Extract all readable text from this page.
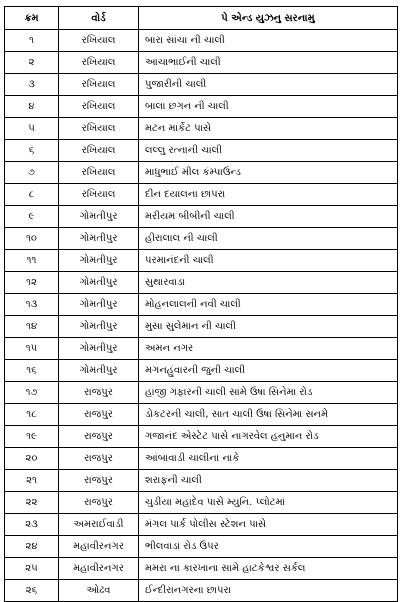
ક્રમ	વોર્ડ	પે એન્ડ યુઝનુ સરનામુ
૧	રખિયાલ	બારા સાંચા ની ચાલી
૨	રખિયાલ	આચાભાઈની ચાલી
૩	રખિયાલ	પુજારીની ચાલી
૪	રખિયાલ	બાલા છગન ની ચાલી
૫	રખિયાલ	મટન માર્કેટ પાસે
૬	રખિયાલ	લલ્લુ રત્નાની ચાલી
૭	રખિયાલ	માધુભાઈ મીલ કંમ્પાઉન્ડ
૮	રખિયાલ	દીન દયાલના છાપરા
૯	ગોમતીપુર	મરીયમ બીબીની ચાલી
૧૦	ગોમતીપુર	હીરાલાલ ની ચાલી
૧૧	ગોમતીપુર	પરમાનંદની ચાલી
૧૨	ગોમતીપુર	સુથારવાડા
૧૩	ગોમતીપુર	મોહનલાલની નવી ચાલી
૧૪	ગોમતીપુર	મુસા સુલેમાન ની ચાલી
૧૫	ગોમતીપુર	અમન નગર
૧૬	ગોમતીપુર	મગનહુંવારની જુની ચાલી
૧૭	રાજપુર	હાજી ગફારની ચાલી સામે ઉષા સિનેમા રોડ
૧૮	રાજપુર	ડોકટરની ચાલી, સાત ચાલી ઉષા સિનેમા સનમે
૧૯	રાજપુર	ગજાનંદ એસ્ટેટ પાસે નાગરવેલ હનુમાન રોડ
૨૦	રાજપુર	આંબાવાડી ચાલીના નાકે
૨૧	રાજપુર	શરાફની ચાલી
૨૨	રાજપુર	ચુડીયા મહાદેવ પાસે મ્યુનિ. પ્લોટમાં
૨૩	અમરાઈવાડી	મંગલ પાર્ક પોલીસ સ્ટેશન પાસે
૨૪	મહાવીરનગર	ભીલવાડા રોડ ઉપર
૨૫	મહાવીરનગર	મમરા ના કારખાના સામે હાટકેશ્વર સર્કલ
૨૬	ઓઢવ	ઈન્દીરાનગરના છાપરા
